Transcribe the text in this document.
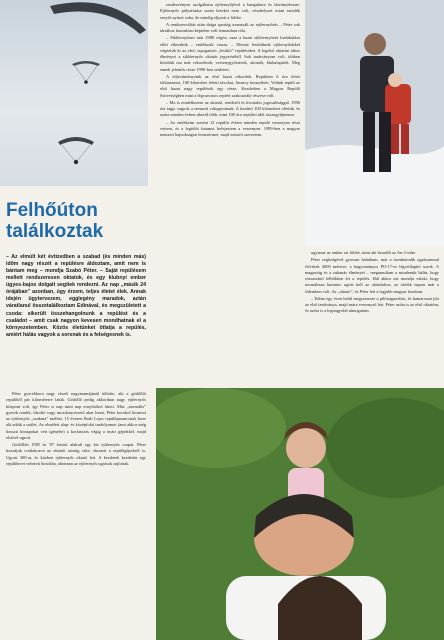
Felhőúton találkoztak

– Az elmúlt két évtizedben a szabad (és minden más) időm nagy részét a repülésre áldoztam, amit nem is bántam meg – mondja Szabó Péter. – Saját repülésem mellett rendszeresen oktatok, és egy klubnyi ember ügyes-bajos dolgait segítek rendezni. Az nap „másik 24 órájában” azonban, úgy érzem, teljes életet élek. Annak idején ügytervezem, egglegény maradok, aztán váratlanul összetalálkoztam Edinával, és megszületett a csoda: sikerült összehangolnunk a repülést és a családot – amit csak nagyon kevesen mondhatnak el a környezetemben. Közös életünket ötlatja a repülés, amiért hálás vagyok a sorsnak és a felségesnek is.

Péter gyerekkora nagy részét nagymamájánál töltötte, aki a gödöllői repülőtől pár kilométerre lakik. Gödöllő pedig akkoriban nagy ejtőernyős központ volt, így Péter is nap mint nap ernyősöket látott. Más „normális” gyerek rendőr, tűzoltó vagy mozdonyvezető akar lenni, Péter korokol kitartott az ejtőernyős „szakma” mellett. 15 évesen Both Lajos repülőparancsnok keze alá adták a szülei. Az elméleti alap- és középfokú tanfolyamot (ami akkor még hosszú hónapokat vett igénybe) a korlatozás végig a nyári gépekkel, majd elsővel ugrott.

Gödöllőn 1985 és '87 között alakult egy kis ejtőernyős csapat. Péter hozzájuk csatlakozva az oktatói szintig vitte, oktatott a repülőgépekről is. Ugrott 300-at, és közben ejtőernyős oktató lett. A kezdetek kezdetén egy repülőteret vehetett birtokba, ahonnan az ejtőernyős ugrások zajlottak.

rendezvényen szolgáltatta ejtőernyőjével a hangulatot és látványelemet. Ejtőernyős pályafutása során heteket nem volt, vészhelyzet miatt tartalék ernyőt nyitott soha, de mindig eljutott a földre.

A rendszerváltás után drága sportág avanzsált az ejtőernyőzés – Péter sok társához hasonlóan képtelen volt lemondani róla.

– Siklóernyőzni már 1988 végén, azaz a hazai siklóernyőzés kialakulása előtt elkezdtük – emlékszik vissza. – Eleinte lesétáltunk ejtőernyőnkkel végéztük ki az első, tapogatózó „lesikló” repüléseket. A legelső oktatási tábor élményei a siklóernyős oktatás jegyzéséből. Sok tanítványom volt, többen közülük ma már rekorderek, versenygyőztesek, oktatók, klubalapítók. Meg ennek jelentős része 1990-ben született.

A teljesítményeink az első hazai rekordok. Repültem 6 óra felett időtartamot, 100 kilométer feletti távokat, Annecy környékén. Velünk repült az első hazai nagy repülések egy része. Kezdetben a Magyar Repülő Szövetségben mint a légcsavaros reptéri szakosztály részese volt.

– Ma is rendelkezem az oktatói, rendezői és hivatalos jogosultsággal. 1996 óta tagja vagyok a nemzeti válogatottnak. A kezdeti 100 kilométert elértük, és azóta minden évben sikerül több, mint 100 óra repülési időt összegyűjtenem.

– Az emlékeim szerint 12 repülős évben minden repülő versenyen részt vettem, és a legtöbb futamot befejeztem a versenyen. 1999-ben a magyar nemzeti bajnokságon bronzérmet, majd ezüstöt szereztem.

ugyanaz az ember ott földet, mint aki beszállt az An-2-esbe.

Péter segítségével gyorsan haladtam, már a tizenhatodik ugrásommal felvittek 4000 méterre, a hagyományos PO-17-es légcsillapító sorok. A magasság és a zuhanás élményét – megtanultam a mindenütt hálás, hogy rózsaszínű felhőkben ért a repülés. Hál akkor azt mondja valaki, hogy normálisan harminc ugrás kell az oktatáshoz, az ötödik napon már a fülemben volt. Az „oktató”, és Péter lett a legjobb magyar barátom.

– Edina egy éven belül megszerezte a pilótaigazolást, és hamarosan jött az első tanítványa, majd mára versenyző lett. Péter azóta is az első oktatóm, és azóta is a legnagyobb támogatóm.
